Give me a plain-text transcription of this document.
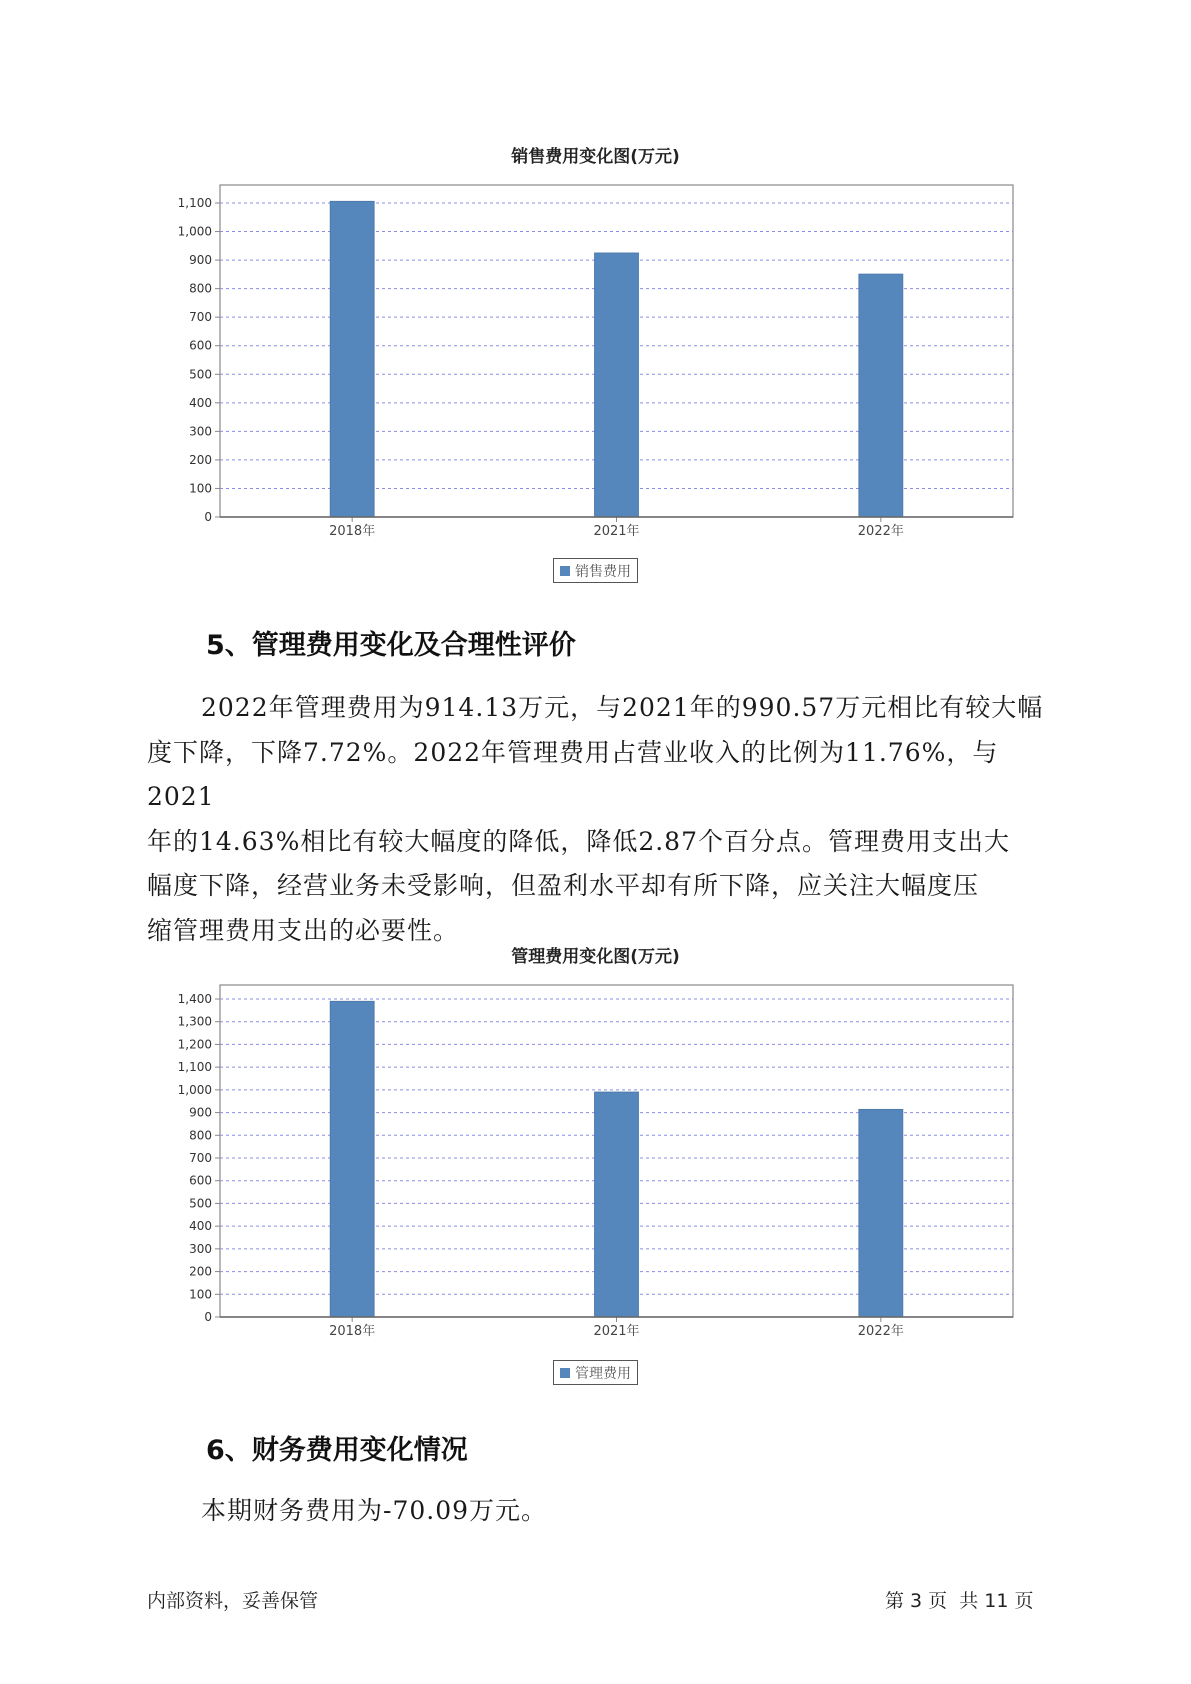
销售费用变化图(万元)
0
100
200
300
400
500
600
700
800
900
1,000
1,100
2018年	2021年	2022年
销售费用
5、管理费用变化及合理性评价
2022年管理费用为914.13万元，与2021年的990.57万元相比有较大幅
度下降，下降7.72%。2022年管理费用占营业收入的比例为11.76%，与2021
年的14.63%相比有较大幅度的降低，降低2.87个百分点。管理费用支出大
幅度下降，经营业务未受影响，但盈利水平却有所下降，应关注大幅度压
缩管理费用支出的必要性。
管理费用变化图(万元)
0
100
200
300
400
500
600
700
800
900
1,000
1,100
1,200
1,300
1,400
2018年	2021年	2022年
管理费用
6、财务费用变化情况
本期财务费用为-70.09万元。
内部资料，妥善保管	第 3 页  共 11 页
